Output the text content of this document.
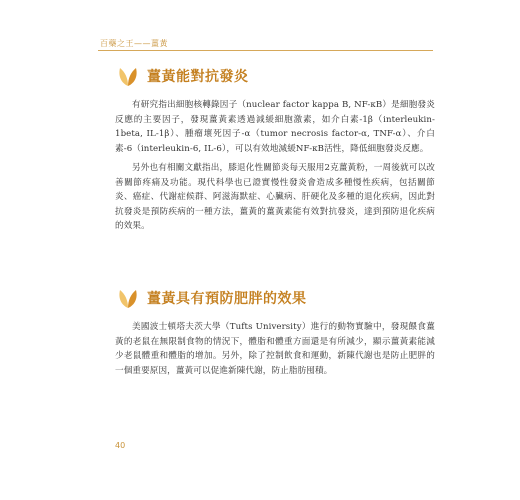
百藥之王——薑黃
薑黃能對抗發炎

有研究指出細胞核轉錄因子（nuclear factor kappa B, NF-κB）是細胞發炎反應的主要因子，發現薑黃素透過減緩細胞激素，如介白素-1β（interleukin-1beta, IL-1β）、腫瘤壞死因子-α（tumor necrosis factor-α, TNF-α）、介白素-6（interleukin-6, IL-6），可以有效地減緩NF-κB活性，降低細胞發炎反應。

另外也有相關文獻指出，膝退化性關節炎每天服用2克薑黃粉，一周後就可以改善關節疼痛及功能。現代科學也已證實慢性發炎會造成多種慢性疾病，包括關節炎、癌症、代謝症候群、阿滋海默症、心臟病、肝硬化及多種的退化疾病，因此對抗發炎是預防疾病的一種方法，薑黃的薑黃素能有效對抗發炎，達到預防退化疾病的效果。

薑黃具有預防肥胖的效果

美國波士頓塔夫茨大學（Tufts University）進行的動物實驗中，發現餵食薑黃的老鼠在無限制食物的情況下，體脂和體重方面還是有所減少，顯示薑黃素能減少老鼠體重和體脂的增加。另外，除了控制飲食和運動，新陳代謝也是防止肥胖的一個重要原因，薑黃可以促進新陳代謝，防止脂肪囤積。

40
